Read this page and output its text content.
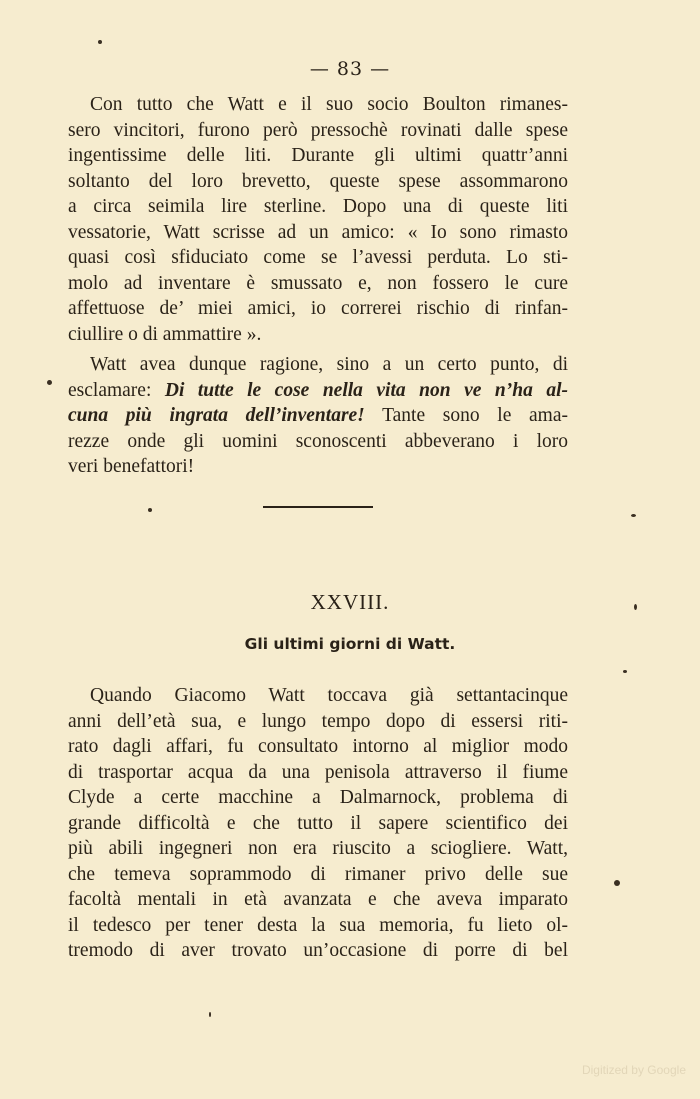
— 83 —
Con tutto che Watt e il suo socio Boulton rimanes-
sero vincitori, furono però pressochè rovinati dalle spese
ingentissime delle liti. Durante gli ultimi quattr’anni
soltanto del loro brevetto, queste spese assommarono
a circa seimila lire sterline. Dopo una di queste liti
vessatorie, Watt scrisse ad un amico: « Io sono rimasto
quasi così sfiduciato come se l’avessi perduta. Lo sti-
molo ad inventare è smussato e, non fossero le cure
affettuose de’ miei amici, io correrei rischio di rinfan-
ciullire o di ammattire ».
Watt avea dunque ragione, sino a un certo punto, di
esclamare: Di tutte le cose nella vita non ve n’ha al-
cuna più ingrata dell’inventare! Tante sono le ama-
rezze onde gli uomini sconoscenti abbeverano i loro
veri benefattori!
XXVIII.
Gli ultimi giorni di Watt.
Quando Giacomo Watt toccava già settantacinque
anni dell’età sua, e lungo tempo dopo di essersi riti-
rato dagli affari, fu consultato intorno al miglior modo
di trasportar acqua da una penisola attraverso il fiume
Clyde a certe macchine a Dalmarnock, problema di
grande difficoltà e che tutto il sapere scientifico dei
più abili ingegneri non era riuscito a sciogliere. Watt,
che temeva soprammodo di rimaner privo delle sue
facoltà mentali in età avanzata e che aveva imparato
il tedesco per tener desta la sua memoria, fu lieto ol-
tremodo di aver trovato un’occasione di porre di bel
Digitized by Google
